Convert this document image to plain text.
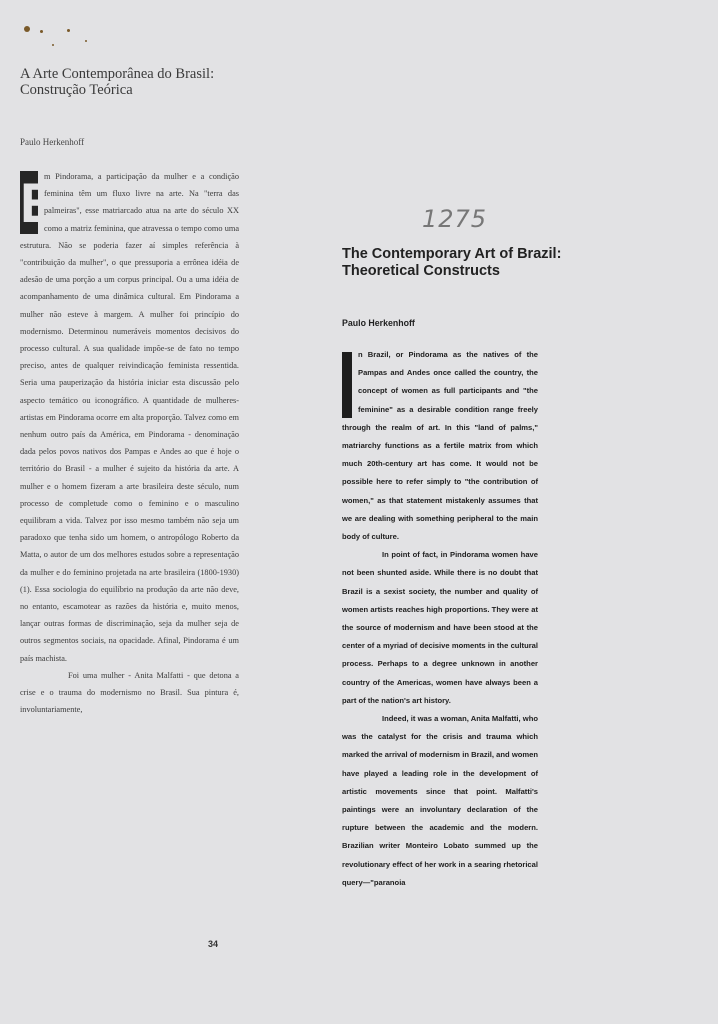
A Arte Contemporânea do Brasil: Construção Teórica
Paulo Herkenhoff

E
m Pindorama, a participação da mulher e a condição feminina têm um fluxo livre na arte. Na "terra das palmeiras", esse matriarcado atua na arte do século XX como a matriz feminina, que atravessa o tempo como uma estrutura. Não se poderia fazer aí simples referência à "contribuição da mulher", o que pressuporia a errônea idéia de adesão de uma porção a um corpus principal. Ou a uma idéia de acompanhamento de uma dinâmica cultural. Em Pindorama a mulher não esteve à margem. A mulher foi princípio do modernismo. Determinou numeráveis momentos decisivos do processo cultural. A sua qualidade impõe-se de fato no tempo preciso, antes de qualquer reivindicação feminista ressentida. Seria uma pauperização da história iniciar esta discussão pelo aspecto temático ou iconográfico. A quantidade de mulheres-artistas em Pindorama ocorre em alta proporção. Talvez como em nenhum outro país da América, em Pindorama - denominação dada pelos povos nativos dos Pampas e Andes ao que é hoje o território do Brasil - a mulher é sujeito da história da arte. A mulher e o homem fizeram a arte brasileira deste século, num processo de completude como o feminino e o masculino equilibram a vida. Talvez por isso mesmo também não seja um paradoxo que tenha sido um homem, o antropólogo Roberto da Matta, o autor de um dos melhores estudos sobre a representação da mulher e do feminino projetada na arte brasileira (1800-1930) (1). Essa sociologia do equilíbrio na produção da arte não deve, no entanto, escamotear as razões da história e, muito menos, lançar outras formas de discriminação, seja da mulher seja de outros segmentos sociais, na opacidade. Afinal, Pindorama é um país machista.

Foi uma mulher - Anita Malfatti - que detona a crise e o trauma do modernismo no Brasil. Sua pintura é, involuntariamente,

1275
The Contemporary Art of Brazil: Theoretical Constructs
Paulo Herkenhoff

n Brazil, or Pindorama as the natives of the Pampas and Andes once called the country, the concept of women as full participants and "the feminine" as a desirable condition range freely through the realm of art. In this "land of palms," matriarchy functions as a fertile matrix from which much 20th-century art has come. It would not be possible here to refer simply to "the contribution of women," as that statement mistakenly assumes that we are dealing with something peripheral to the main body of culture.

In point of fact, in Pindorama women have not been shunted aside. While there is no doubt that Brazil is a sexist society, the number and quality of women artists reaches high proportions. They were at the source of modernism and have been stood at the center of a myriad of decisive moments in the cultural process. Perhaps to a degree unknown in another country of the Americas, women have always been a part of the nation's art history.

Indeed, it was a woman, Anita Malfatti, who was the catalyst for the crisis and trauma which marked the arrival of modernism in Brazil, and women have played a leading role in the development of artistic movements since that point. Malfatti's paintings were an involuntary declaration of the rupture between the academic and the modern. Brazilian writer Monteiro Lobato summed up the revolutionary effect of her work in a searing rhetorical query—"paranoia

34
